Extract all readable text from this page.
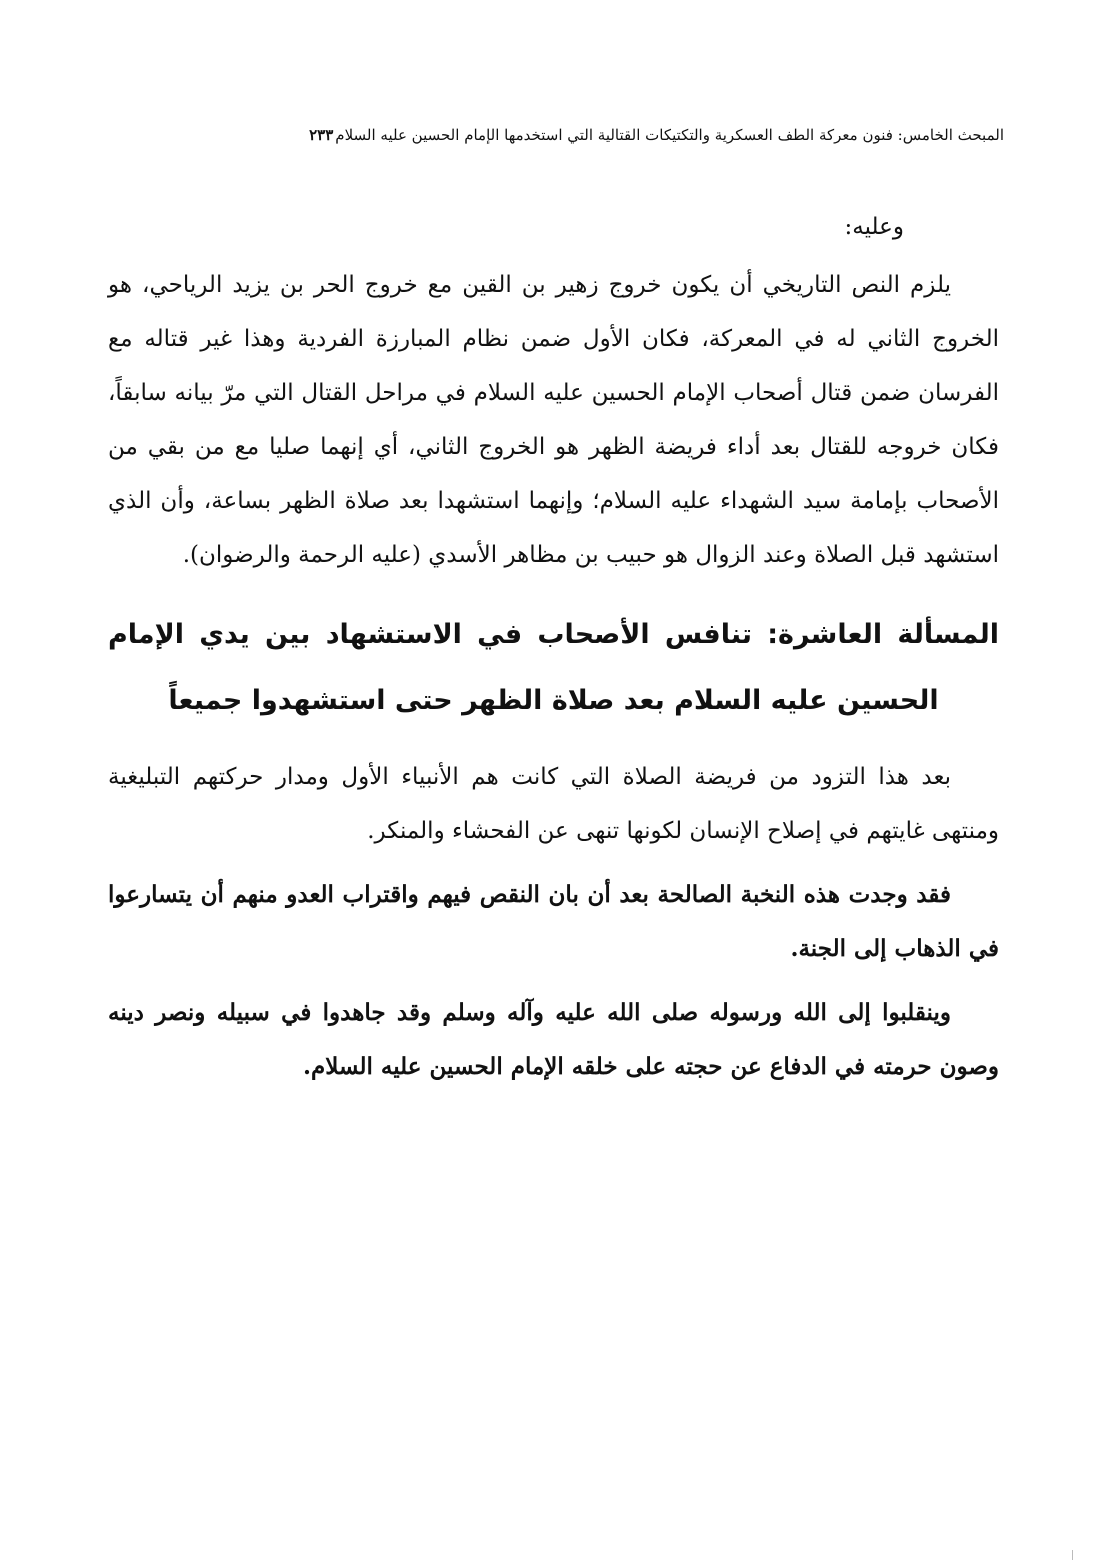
المبحث الخامس: فنون معركة الطف العسكرية والتكتيكات القتالية التي استخدمها الإمام الحسين عليه السلام٢٣٣

وعليه:

يلزم النص التاريخي أن يكون خروج زهير بن القين مع خروج الحر بن يزيد الرياحي، هو الخروج الثاني له في المعركة، فكان الأول ضمن نظام المبارزة الفردية وهذا غير قتاله مع الفرسان ضمن قتال أصحاب الإمام الحسين عليه السلام في مراحل القتال التي مرّ بيانه سابقاً، فكان خروجه للقتال بعد أداء فريضة الظهر هو الخروج الثاني، أي إنهما صليا مع من بقي من الأصحاب بإمامة سيد الشهداء عليه السلام؛ وإنهما استشهدا بعد صلاة الظهر بساعة، وأن الذي استشهد قبل الصلاة وعند الزوال هو حبيب بن مظاهر الأسدي (عليه الرحمة والرضوان).

المسألة العاشرة: تنافس الأصحاب في الاستشهاد بين يدي الإمام الحسين عليه السلام بعد صلاة الظهر حتى استشهدوا جميعاً

بعد هذا التزود من فريضة الصلاة التي كانت هم الأنبياء الأول ومدار حركتهم التبليغية ومنتهى غايتهم في إصلاح الإنسان لكونها تنهى عن الفحشاء والمنكر.

فقد وجدت هذه النخبة الصالحة بعد أن بان النقص فيهم واقتراب العدو منهم أن يتسارعوا في الذهاب إلى الجنة.

وينقلبوا إلى الله ورسوله صلى الله عليه وآله وسلم وقد جاهدوا في سبيله ونصر دينه وصون حرمته في الدفاع عن حجته على خلقه الإمام الحسين عليه السلام.
